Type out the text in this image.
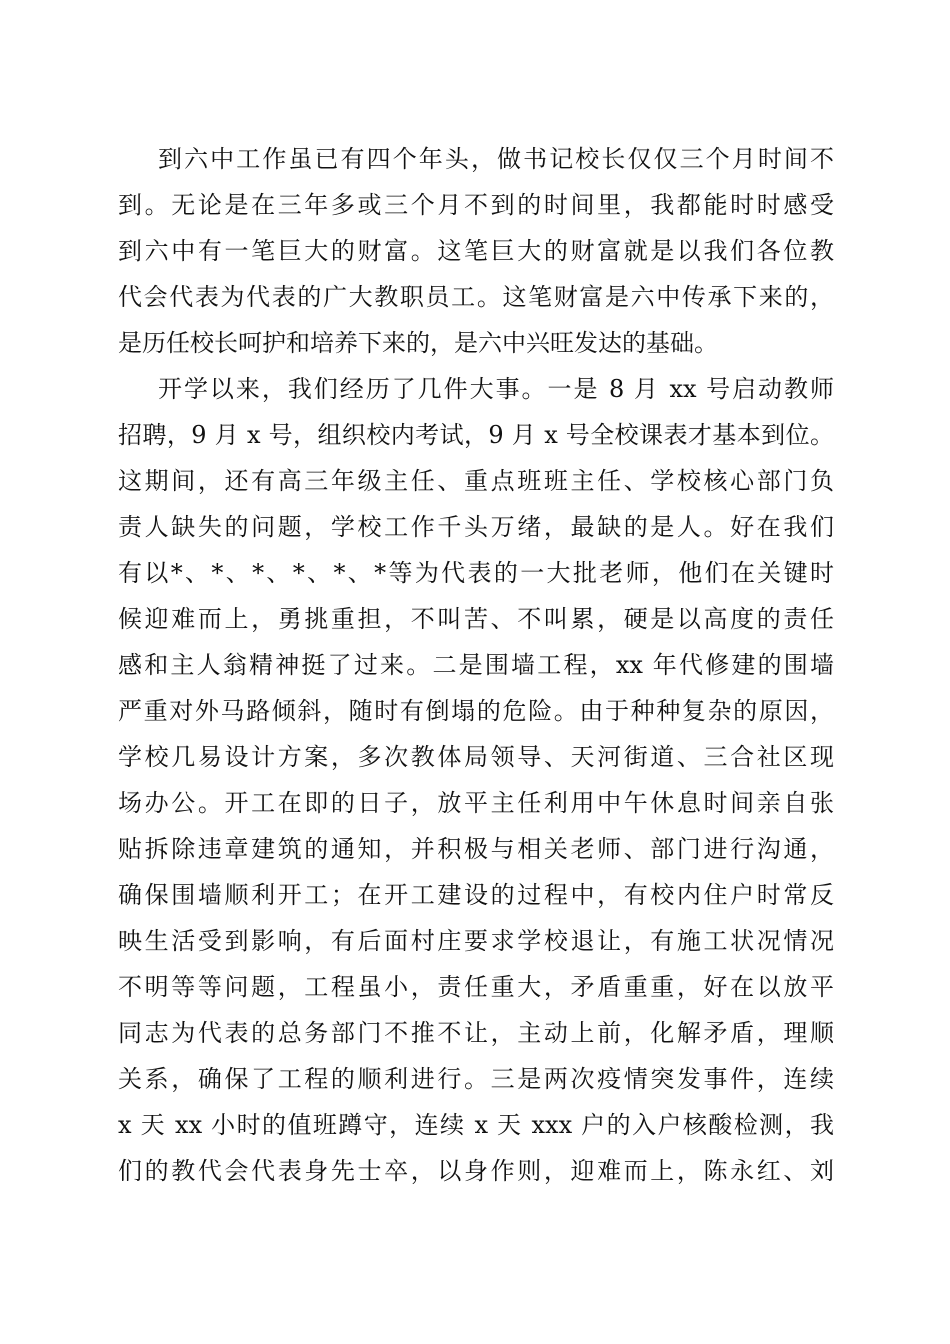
到六中工作虽已有四个年头，做书记校长仅仅三个月时间不
到。无论是在三年多或三个月不到的时间里，我都能时时感受
到六中有一笔巨大的财富。这笔巨大的财富就是以我们各位教
代会代表为代表的广大教职员工。这笔财富是六中传承下来的，
是历任校长呵护和培养下来的，是六中兴旺发达的基础。
开学以来，我们经历了几件大事。一是 8 月 xx 号启动教师
招聘，9 月 x 号，组织校内考试，9 月 x 号全校课表才基本到位。
这期间，还有高三年级主任、重点班班主任、学校核心部门负
责人缺失的问题，学校工作千头万绪，最缺的是人。好在我们
有以*、*、*、*、*、*等为代表的一大批老师，他们在关键时
候迎难而上，勇挑重担，不叫苦、不叫累，硬是以高度的责任
感和主人翁精神挺了过来。二是围墙工程，xx 年代修建的围墙
严重对外马路倾斜，随时有倒塌的危险。由于种种复杂的原因，
学校几易设计方案，多次教体局领导、天河街道、三合社区现
场办公。开工在即的日子，放平主任利用中午休息时间亲自张
贴拆除违章建筑的通知，并积极与相关老师、部门进行沟通，
确保围墙顺利开工；在开工建设的过程中，有校内住户时常反
映生活受到影响，有后面村庄要求学校退让，有施工状况情况
不明等等问题，工程虽小，责任重大，矛盾重重，好在以放平
同志为代表的总务部门不推不让，主动上前，化解矛盾，理顺
关系，确保了工程的顺利进行。三是两次疫情突发事件，连续
x 天 xx 小时的值班蹲守，连续 x 天 xxx 户的入户核酸检测，我
们的教代会代表身先士卒，以身作则，迎难而上，陈永红、刘
